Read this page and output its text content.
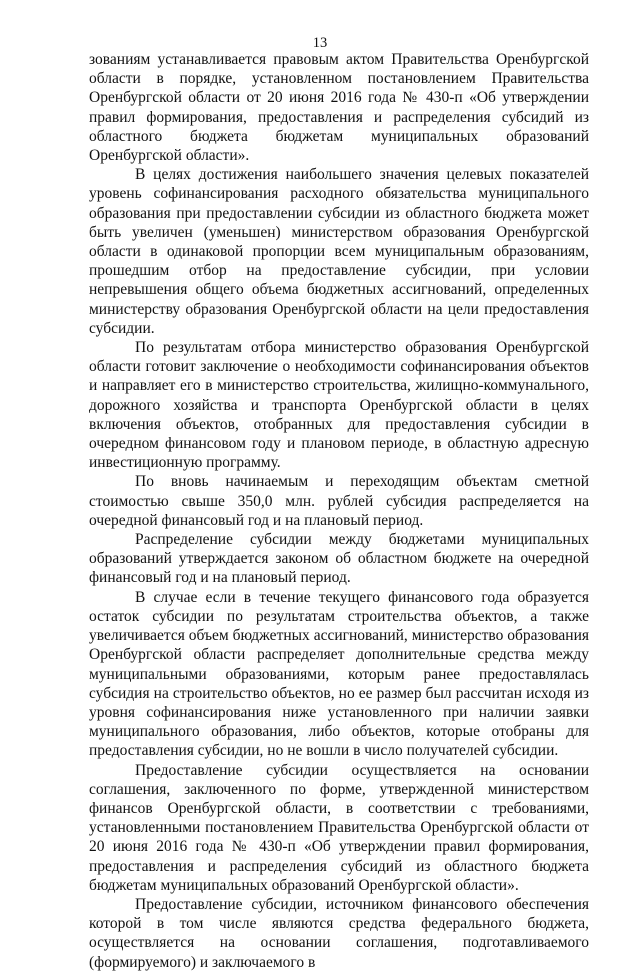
13

зованиям устанавливается правовым актом Правительства Оренбургской области в порядке, установленном постановлением Правительства Оренбургской области от 20 июня 2016 года № 430-п «Об утверждении правил формирования, предоставления и распределения субсидий из областного бюджета бюджетам муниципальных образований Оренбургской области».

В целях достижения наибольшего значения целевых показателей уровень софинансирования расходного обязательства муниципального образования при предоставлении субсидии из областного бюджета может быть увеличен (уменьшен) министерством образования Оренбургской области в одинаковой пропорции всем муниципальным образованиям, прошедшим отбор на предоставление субсидии, при условии непревышения общего объема бюджетных ассигнований, определенных министерству образования Оренбургской области на цели предоставления субсидии.

По результатам отбора министерство образования Оренбургской области готовит заключение о необходимости софинансирования объектов и направляет его в министерство строительства, жилищно-коммунального, дорожного хозяйства и транспорта Оренбургской области в целях включения объектов, отобранных для предоставления субсидии в очередном финансовом году и плановом периоде, в областную адресную инвестиционную программу.

По вновь начинаемым и переходящим объектам сметной стоимостью свыше 350,0 млн. рублей субсидия распределяется на очередной финансовый год и на плановый период.

Распределение субсидии между бюджетами муниципальных образований утверждается законом об областном бюджете на очередной финансовый год и на плановый период.

В случае если в течение текущего финансового года образуется остаток субсидии по результатам строительства объектов, а также увеличивается объем бюджетных ассигнований, министерство образования Оренбургской области распределяет дополнительные средства между муниципальными образованиями, которым ранее предоставлялась субсидия на строительство объектов, но ее размер был рассчитан исходя из уровня софинансирования ниже установленного при наличии заявки муниципального образования, либо объектов, которые отобраны для предоставления субсидии, но не вошли в число получателей субсидии.

Предоставление субсидии осуществляется на основании соглашения, заключенного по форме, утвержденной министерством финансов Оренбургской области, в соответствии с требованиями, установленными постановлением Правительства Оренбургской области от 20 июня 2016 года № 430-п «Об утверждении правил формирования, предоставления и распределения субсидий из областного бюджета бюджетам муниципальных образований Оренбургской области».

Предоставление субсидии, источником финансового обеспечения которой в том числе являются средства федерального бюджета, осуществляется на основании соглашения, подготавливаемого (формируемого) и заключаемого в
